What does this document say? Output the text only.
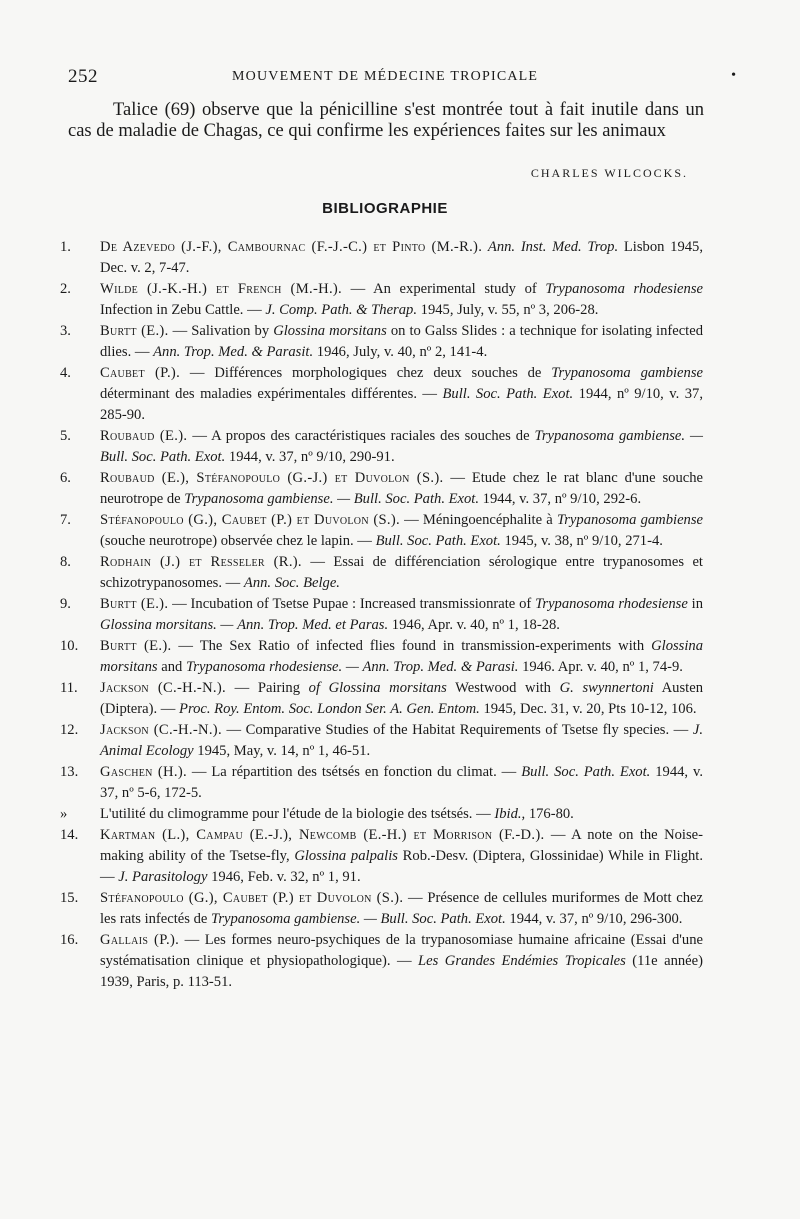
252	MOUVEMENT DE MÉDECINE TROPICALE	•

Talice (69) observe que la pénicilline s'est montrée tout à fait inutile dans un cas de maladie de Chagas, ce qui confirme les expériences faites sur les animaux

CHARLES WILCOCKS.
BIBLIOGRAPHIE
1.	De Azevedo (J.-F.), Cambournac (F.-J.-C.) et Pinto (M.-R.). Ann. Inst. Med. Trop. Lisbon 1945, Dec. v. 2, 7-47.
2.	Wilde (J.-K.-H.) et French (M.-H.). — An experimental study of Trypanosoma rhodesiense Infection in Zebu Cattle. — J. Comp. Path. & Therap. 1945, July, v. 55, nº 3, 206-28.
3.	Burtt (E.). — Salivation by Glossina morsitans on to Galss Slides : a technique for isolating infected dlies. — Ann. Trop. Med. & Parasit. 1946, July, v. 40, nº 2, 141-4.
4.	Caubet (P.). — Différences morphologiques chez deux souches de Trypanosoma gambiense déterminant des maladies expérimentales différentes. — Bull. Soc. Path. Exot. 1944, nº 9/10, v. 37, 285-90.
5.	Roubaud (E.). — A propos des caractéristiques raciales des souches de Trypanosoma gambiense. — Bull. Soc. Path. Exot. 1944, v. 37, nº 9/10, 290-91.
6.	Roubaud (E.), Stéfanopoulo (G.-J.) et Duvolon (S.). — Etude chez le rat blanc d'une souche neurotrope de Trypanosoma gambiense. — Bull. Soc. Path. Exot. 1944, v. 37, nº 9/10, 292-6.
7.	Stéfanopoulo (G.), Caubet (P.) et Duvolon (S.). — Méningoencéphalite à Trypanosoma gambiense (souche neurotrope) observée chez le lapin. — Bull. Soc. Path. Exot. 1945, v. 38, nº 9/10, 271-4.
8.	Rodhain (J.) et Resseler (R.). — Essai de différenciation sérologique entre trypanosomes et schizotrypanosomes. — Ann. Soc. Belge.
9.	Burtt (E.). — Incubation of Tsetse Pupae : Increased transmissionrate of Trypanosoma rhodesiense in Glossina morsitans. — Ann. Trop. Med. et Paras. 1946, Apr. v. 40, nº 1, 18-28.
10.	Burtt (E.). — The Sex Ratio of infected flies found in transmission-experiments with Glossina morsitans and Trypanosoma rhodesiense. — Ann. Trop. Med. & Parasi. 1946. Apr. v. 40, nº 1, 74-9.
11.	Jackson (C.-H.-N.). — Pairing of Glossina morsitans Westwood with G. swynnertoni Austen (Diptera). — Proc. Roy. Entom. Soc. London Ser. A. Gen. Entom. 1945, Dec. 31, v. 20, Pts 10-12, 106.
12.	Jackson (C.-H.-N.). — Comparative Studies of the Habitat Requirements of Tsetse fly species. — J. Animal Ecology 1945, May, v. 14, nº 1, 46-51.
13.	Gaschen (H.). — La répartition des tsétsés en fonction du climat. — Bull. Soc. Path. Exot. 1944, v. 37, nº 5-6, 172-5.
»	L'utilité du climogramme pour l'étude de la biologie des tsétsés. — Ibid., 176-80.
14.	Kartman (L.), Campau (E.-J.), Newcomb (E.-H.) et Morrison (F.-D.). — A note on the Noise-making ability of the Tsetse-fly, Glossina palpalis Rob.-Desv. (Diptera, Glossinidae) While in Flight. — J. Parasitology 1946, Feb. v. 32, nº 1, 91.
15.	Stéfanopoulo (G.), Caubet (P.) et Duvolon (S.). — Présence de cellules muriformes de Mott chez les rats infectés de Trypanosoma gambiense. — Bull. Soc. Path. Exot. 1944, v. 37, nº 9/10, 296-300.
16.	Gallais (P.). — Les formes neuro-psychiques de la trypanosomiase humaine africaine (Essai d'une systématisation clinique et physiopathologique). — Les Grandes Endémies Tropicales (11e année) 1939, Paris, p. 113-51.
